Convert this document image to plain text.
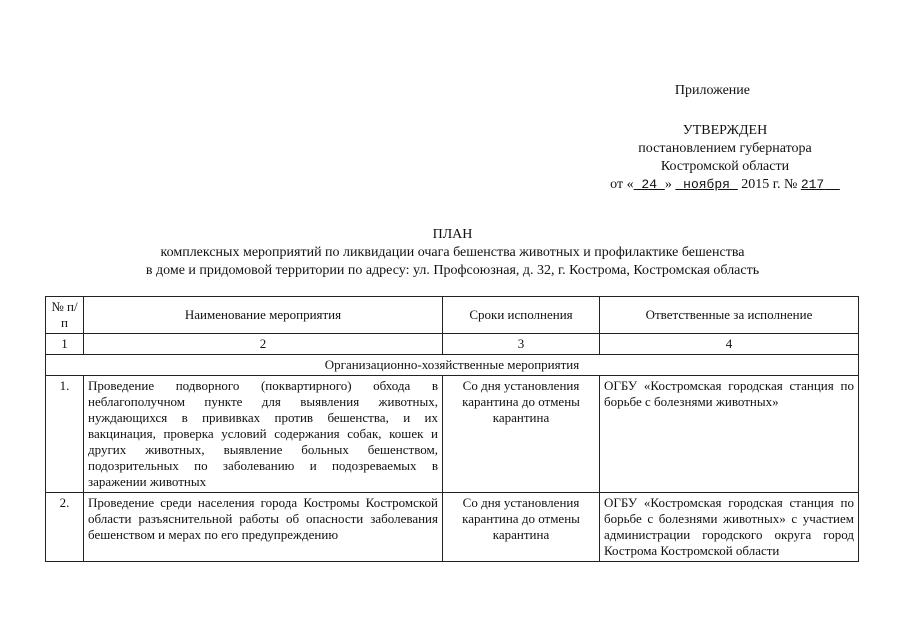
Приложение
УТВЕРЖДЕН
постановлением губернатора
Костромской области
от « 24 » ноября 2015 г. № 217
ПЛАН
комплексных мероприятий по ликвидации очага бешенства животных и профилактике бешенства
в доме и придомовой территории по адресу: ул. Профсоюзная, д. 32, г. Кострома, Костромская область
№ п/п	Наименование мероприятия	Сроки исполнения	Ответственные за исполнение
1	2	3	4
Организационно-хозяйственные мероприятия			
1.	Проведение подворного (поквартирного) обхода в неблагополучном пункте для выявления животных, нуждающихся в прививках против бешенства, и их вакцинация, проверка условий содержания собак, кошек и других животных, выявление больных бешенством, подозрительных по заболеванию и подозреваемых в заражении животных	Со дня установления карантина до отмены карантина	ОГБУ «Костромская городская станция по борьбе с болезнями животных»
2.	Проведение среди населения города Костромы Костромской области разъяснительной работы об опасности заболевания бешенством и мерах по его предупреждению	Со дня установления карантина до отмены карантина	ОГБУ «Костромская городская станция по борьбе с болезнями животных» с участием администрации городского округа город Кострома Костромской области
